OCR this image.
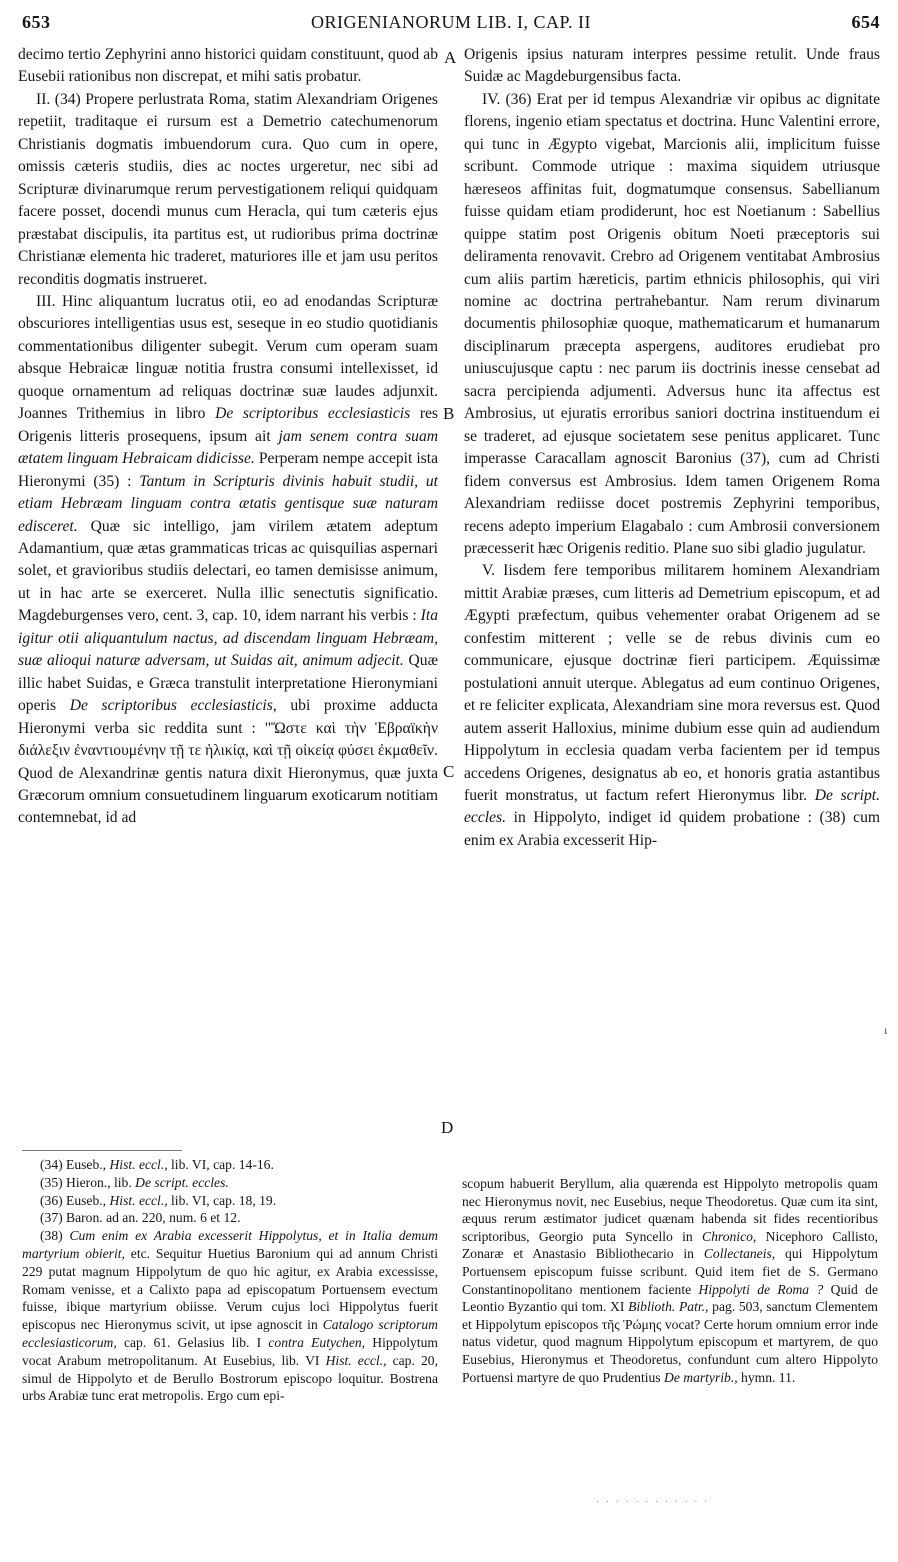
653	ORIGENIANORUM LIB. I, CAP. II	654
A
B
C
D

decimo tertio Zephyrini anno historici quidam constituunt, quod ab Eusebii rationibus non discrepat, et mihi satis probatur.

II. (34) Propere perlustrata Roma, statim Alexandriam Origenes repetiit, traditaque ei rursum est a Demetrio catechumenorum Christianis dogmatis imbuendorum cura. Quo cum in opere, omissis cæteris studiis, dies ac noctes urgeretur, nec sibi ad Scripturæ divinarumque rerum pervestigationem reliqui quidquam facere posset, docendi munus cum Heracla, qui tum cæteris ejus præstabat discipulis, ita partitus est, ut rudioribus prima doctrinæ Christianæ elementa hic traderet, maturiores ille et jam usu peritos reconditis dogmatis instrueret.

III. Hinc aliquantum lucratus otii, eo ad enodandas Scripturæ obscuriores intelligentias usus est, seseque in eo studio quotidianis commentationibus diligenter subegit. Verum cum operam suam absque Hebraicæ linguæ notitia frustra consumi intellexisset, id quoque ornamentum ad reliquas doctrinæ suæ laudes adjunxit. Joannes Trithemius in libro De scriptoribus ecclesiasticis res Origenis litteris prosequens, ipsum ait jam senem contra suam ætatem linguam Hebraicam didicisse. Perperam nempe accepit ista Hieronymi (35) : Tantum in Scripturis divinis habuit studii, ut etiam Hebræam linguam contra ætatis gentisque suæ naturam edisceret. Quæ sic intelligo, jam virilem ætatem adeptum Adamantium, quæ ætas grammaticas tricas ac quisquilias aspernari solet, et gravioribus studiis delectari, eo tamen demisisse animum, ut in hac arte se exerceret. Nulla illic senectutis significatio. Magdeburgenses vero, cent. 3, cap. 10, idem narrant his verbis : Ita igitur otii aliquantulum nactus, ad discendam linguam Hebræam, suæ alioqui naturæ adversam, ut Suidas ait, animum adjecit. Quæ illic habet Suidas, e Græca transtulit interpretatione Hieronymiani operis De scriptoribus ecclesiasticis, ubi proxime adducta Hieronymi verba sic reddita sunt : "Ὥστε καὶ τὴν Ἑβραϊκὴν διάλεξιν ἐναντιουμένην τῇ τε ἡλικίᾳ, καὶ τῇ οἰκείᾳ φύσει ἐκμαθεῖν. Quod de Alexandrinæ gentis natura dixit Hieronymus, quæ juxta Græcorum omnium consuetudinem linguarum exoticarum notitiam contemnebat, id ad

Origenis ipsius naturam interpres pessime retulit. Unde fraus Suidæ ac Magdeburgensibus facta.

IV. (36) Erat per id tempus Alexandriæ vir opibus ac dignitate florens, ingenio etiam spectatus et doctrina. Hunc Valentini errore, qui tunc in Ægypto vigebat, Marcionis alii, implicitum fuisse scribunt. Commode utrique : maxima siquidem utriusque hæreseos affinitas fuit, dogmatumque consensus. Sabellianum fuisse quidam etiam prodiderunt, hoc est Noetianum : Sabellius quippe statim post Origenis obitum Noeti præceptoris sui deliramenta renovavit. Crebro ad Origenem ventitabat Ambrosius cum aliis partim hæreticis, partim ethnicis philosophis, qui viri nomine ac doctrina pertrahebantur. Nam rerum divinarum documentis philosophiæ quoque, mathematicarum et humanarum disciplinarum præcepta aspergens, auditores erudiebat pro uniuscujusque captu : nec parum iis doctrinis inesse censebat ad sacra percipienda adjumenti. Adversus hunc ita affectus est Ambrosius, ut ejuratis erroribus saniori doctrina instituendum ei se traderet, ad ejusque societatem sese penitus applicaret. Tunc imperasse Caracallam agnoscit Baronius (37), cum ad Christi fidem conversus est Ambrosius. Idem tamen Origenem Roma Alexandriam rediisse docet postremis Zephyrini temporibus, recens adepto imperium Elagabalo : cum Ambrosii conversionem præcesserit hæc Origenis reditio. Plane suo sibi gladio jugulatur.

V. Iisdem fere temporibus militarem hominem Alexandriam mittit Arabiæ præses, cum litteris ad Demetrium episcopum, et ad Ægypti præfectum, quibus vehementer orabat Origenem ad se confestim mitterent ; velle se de rebus divinis cum eo communicare, ejusque doctrinæ fieri participem. Æquissimæ postulationi annuit uterque. Ablegatus ad eum continuo Origenes, et re feliciter explicata, Alexandriam sine mora reversus est. Quod autem asserit Halloxius, minime dubium esse quin ad audiendum Hippolytum in ecclesia quadam verba facientem per id tempus accedens Origenes, designatus ab eo, et honoris gratia astantibus fuerit monstratus, ut factum refert Hieronymus libr. De script. eccles. in Hippolyto, indiget id quidem probatione : (38) cum enim ex Arabia excesserit Hip-

(34) Euseb., Hist. eccl., lib. VI, cap. 14-16.

(35) Hieron., lib. De script. eccles.

(36) Euseb., Hist. eccl., lib. VI, cap. 18, 19.

(37) Baron. ad an. 220, num. 6 et 12.

(38) Cum enim ex Arabia excesserit Hippolytus, et in Italia demum martyrium obierit, etc. Sequitur Huetius Baronium qui ad annum Christi 229 putat magnum Hippolytum de quo hic agitur, ex Arabia excessisse, Romam venisse, et a Calixto papa ad episcopatum Portuensem evectum fuisse, ibique martyrium obiisse. Verum cujus loci Hippolytus fuerit episcopus nec Hieronymus scivit, ut ipse agnoscit in Catalogo scriptorum ecclesiasticorum, cap. 61. Gelasius lib. I contra Eutychen, Hippolytum vocat Arabum metropolitanum. At Eusebius, lib. VI Hist. eccl., cap. 20, simul de Hippolyto et de Berullo Bostrorum episcopo loquitur. Bostrena urbs Arabiæ tunc erat metropolis. Ergo cum epi-

scopum habuerit Beryllum, alia quærenda est Hippolyto metropolis quam nec Hieronymus novit, nec Eusebius, neque Theodoretus. Quæ cum ita sint, æquus rerum æstimator judicet quænam habenda sit fides recentioribus scriptoribus, Georgio puta Syncello in Chronico, Nicephoro Callisto, Zonaræ et Anastasio Bibliothecario in Collectaneis, qui Hippolytum Portuensem episcopum fuisse scribunt. Quid item fiet de S. Germano Constantinopolitano mentionem faciente Hippolyti de Roma ? Quid de Leontio Byzantio qui tom. XI Biblioth. Patr., pag. 503, sanctum Clementem et Hippolytum episcopos τῆς Ῥώμης vocat? Certe horum omnium error inde natus videtur, quod magnum Hippolytum episcopum et martyrem, de quo Eusebius, Hieronymus et Theodoretus, confundunt cum altero Hippolyto Portuensi martyre de quo Prudentius De martyrib., hymn. 11.

ı
· · · · · · · · · · · ·
